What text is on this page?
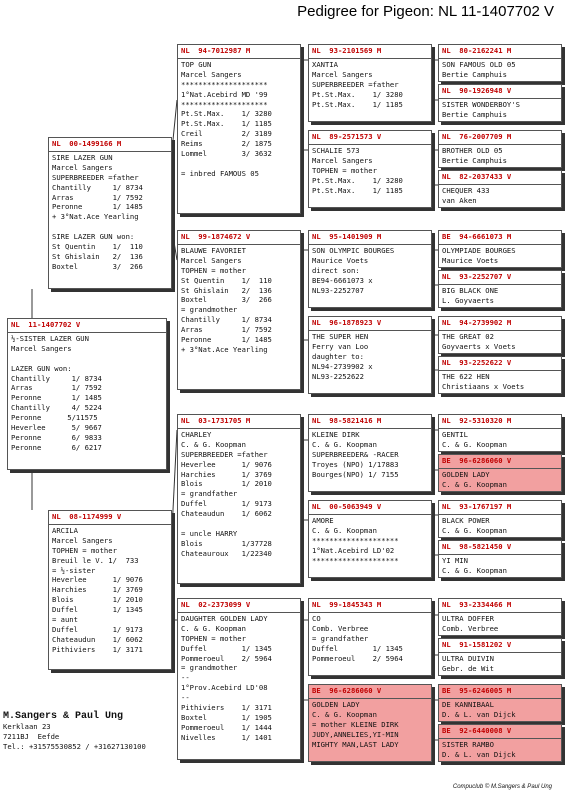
Pedigree for Pigeon: NL 11-1407702 V
NL  11-1407702 V
½-SISTER LAZER GUN
Marcel Sangers

LAZER GUN won:
Chantilly     1/ 8734
Arras         1/ 7592
Peronne       1/ 1485
Chantilly     4/ 5224
Peronne      5/11575
Heverlee      5/ 9667
Peronne       6/ 9833
Peronne       6/ 6217
NL  00-1499166 M
SIRE LAZER GUN
Marcel Sangers
SUPERBREEDER =father
Chantilly     1/ 8734
Arras         1/ 7592
Peronne       1/ 1485
+ 3°Nat.Ace Yearling

SIRE LAZER GUN won:
St Quentin    1/  110
St Ghislain   2/  136
Boxtel        3/  266
NL  08-1174999 V
ARCILA
Marcel Sangers
TOPHEN = mother
Breuil le V. 1/  733
= ½-sister
Heverlee      1/ 9076
Harchies      1/ 3769
Blois         1/ 2010
Duffel        1/ 1345
= aunt
Duffel        1/ 9173
Chateaudun    1/ 6062
Pithiviers    1/ 3171
NL  94-7012987 M
TOP GUN
Marcel Sangers
********************
1°Nat.Acebird MD '99
********************
Pt.St.Max.    1/ 3280
Pt.St.Max.    1/ 1185
Creil         2/ 3189
Reims         2/ 1875
Lommel        3/ 3632

= inbred FAMOUS 05
NL  99-1874672 V
BLAUWE FAVORIET
Marcel Sangers
TOPHEN = mother
St Quentin    1/  110
St Ghislain   2/  136
Boxtel        3/  266
= grandmother
Chantilly     1/ 8734
Arras         1/ 7592
Peronne       1/ 1485
+ 3°Nat.Ace Yearling
NL  03-1731705 M
CHARLEY
C. & G. Koopman
SUPERBREEDER =father
Heverlee      1/ 9076
Harchies      1/ 3769
Blois         1/ 2010
= grandfather
Duffel        1/ 9173
Chateaudun    1/ 6062

= uncle HARRY
Blois         1/37728
Chateauroux   1/22340
NL  02-2373099 V
DAUGHTER GOLDEN LADY
C. & G. Koopman
TOPHEN = mother
Duffel        1/ 1345
Pommeroeul    2/ 5964
= grandmother
--
1°Prov.Acebird LD'08
--
Pithiviers    1/ 3171
Boxtel        1/ 1905
Pommeroeul    1/ 1444
Nivelles      1/ 1401
NL  93-2101569 M
XANTIA
Marcel Sangers
SUPERBREEDER =father
Pt.St.Max.    1/ 3280
Pt.St.Max.    1/ 1185
NL  89-2571573 V
SCHALIE 573
Marcel Sangers
TOPHEN = mother
Pt.St.Max.    1/ 3280
Pt.St.Max.    1/ 1185
NL  95-1401909 M
SON OLYMPIC BOURGES
Maurice Voets
direct son:
BE94-6661073 x
NL93-2252707
NL  96-1878923 V
THE SUPER HEN
Ferry van Loo
daughter to:
NL94-2739902 x
NL93-2252622
NL  98-5821416 M
KLEINE DIRK
C. & G. Koopman
SUPERBREEDER& -RACER
Troyes (NPO) 1/17883
Bourges(NPO) 1/ 7155
NL  00-5063949 V
AMORE
C. & G. Koopman
********************
1°Nat.Acebird LD'02
********************
NL  99-1845343 M
CO
Comb. Verbree
= grandfather
Duffel        1/ 1345
Pommeroeul    2/ 5964
BE  96-6286060 V
GOLDEN LADY
C. & G. Koopman
= mother KLEINE DIRK
JUDY,ANNELIES,YI-MIN
MIGHTY MAN,LAST LADY
NL  80-2162241 M
SON FAMOUS OLD 05
Bertie Camphuis
NL  90-1926948 V
SISTER WONDERBOY'S
Bertie Camphuis
NL  76-2007709 M
BROTHER OLD 05
Bertie Camphuis
NL  82-2037433 V
CHEQUER 433
van Aken
BE  94-6661073 M
OLYMPIADE BOURGES
Maurice Voets
NL  93-2252707 V
BIG BLACK ONE
L. Goyvaerts
NL  94-2739902 M
THE GREAT 02
Goyvaerts x Voets
NL  93-2252622 V
THE 622 HEN
Christiaans x Voets
NL  92-5310320 M
GENTIL
C. & G. Koopman
BE  96-6286060 V
GOLDEN LADY
C. & G. Koopman
NL  93-1767197 M
BLACK POWER
C. & G. Koopman
NL  98-5821450 V
YI MIN
C. & G. Koopman
NL  93-2334466 M
ULTRA DOFFER
Comb. Verbree
NL  91-1581202 V
ULTRA DUIVIN
Gebr. de Wit
BE  95-6246005 M
DE KANNIBAAL
D. & L. van Dijck
BE  92-6440008 V
SISTER RAMBO
D. & L. van Dijck
M.Sangers & Paul Ung
Kerklaan 23
7211BJ  Eefde
Tel.: +31575530852 / +31627130100
Compuclub © M.Sangers & Paul Ung
